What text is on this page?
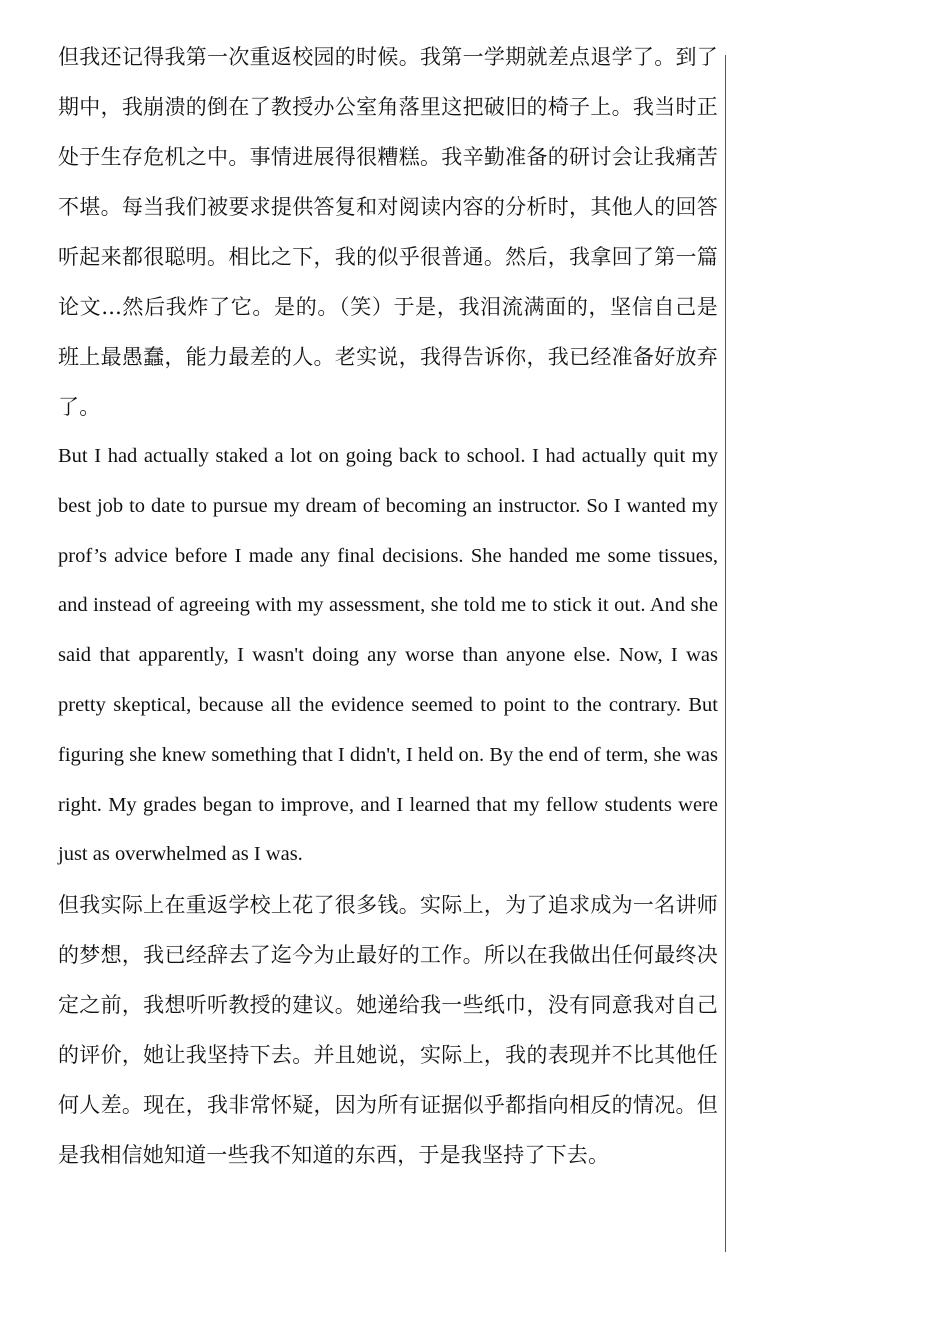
但我还记得我第一次重返校园的时候。我第一学期就差点退学了。到了期中，我崩溃的倒在了教授办公室角落里这把破旧的椅子上。我当时正处于生存危机之中。事情进展得很糟糕。我辛勤准备的研讨会让我痛苦不堪。每当我们被要求提供答复和对阅读内容的分析时，其他人的回答听起来都很聪明。相比之下，我的似乎很普通。然后，我拿回了第一篇论文...然后我炸了它。是的。（笑）于是，我泪流满面的，坚信自己是班上最愚蠢，能力最差的人。老实说，我得告诉你，我已经准备好放弃了。

But I had actually staked a lot on going back to school. I had actually quit my best job to date to pursue my dream of becoming an instructor. So I wanted my prof’s advice before I made any final decisions. She handed me some tissues, and instead of agreeing with my assessment, she told me to stick it out. And she said that apparently, I wasn't doing any worse than anyone else. Now, I was pretty skeptical, because all the evidence seemed to point to the contrary. But figuring she knew something that I didn't, I held on. By the end of term, she was right. My grades began to improve, and I learned that my fellow students were just as overwhelmed as I was.

但我实际上在重返学校上花了很多钱。实际上，为了追求成为一名讲师的梦想，我已经辞去了迄今为止最好的工作。所以在我做出任何最终决定之前，我想听听教授的建议。她递给我一些纸巾，没有同意我对自己的评价，她让我坚持下去。并且她说，实际上，我的表现并不比其他任何人差。现在，我非常怀疑，因为所有证据似乎都指向相反的情况。但是我相信她知道一些我不知道的东西，于是我坚持了下去。
